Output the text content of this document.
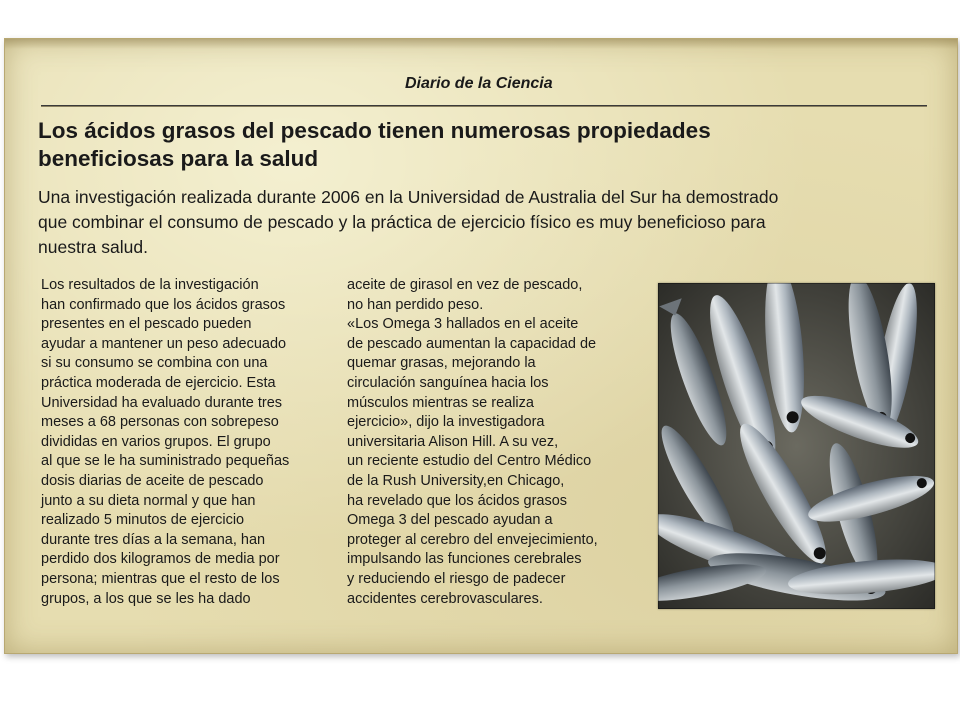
Diario de la Ciencia
Los ácidos grasos del pescado tienen numerosas propiedades
beneficiosas para la salud
Una investigación realizada durante 2006 en la Universidad de Australia del Sur ha demostrado
que combinar el consumo de pescado y la práctica de ejercicio físico es muy beneficioso para
nuestra salud.

Los resultados de la investigación
han confirmado que los ácidos grasos
presentes en el pescado pueden
ayudar a mantener un peso adecuado
si su consumo se combina con una
práctica moderada de ejercicio. Esta
Universidad ha evaluado durante tres
meses a 68 personas con sobrepeso
divididas en varios grupos. El grupo
al que se le ha suministrado pequeñas
dosis diarias de aceite de pescado
junto a su dieta normal y que han
realizado 5 minutos de ejercicio
durante tres días a la semana, han
perdido dos kilogramos de media por
persona; mientras que el resto de los
grupos, a los que se les ha dado

aceite de girasol en vez de pescado,
no han perdido peso.
«Los Omega 3 hallados en el aceite
de pescado aumentan la capacidad de
quemar grasas, mejorando la
circulación sanguínea hacia los
músculos mientras se realiza
ejercicio», dijo la investigadora
universitaria Alison Hill. A su vez,
un reciente estudio del Centro Médico
de la Rush University,en Chicago,
ha revelado que los ácidos grasos
Omega 3 del pescado ayudan a
proteger al cerebro del envejecimiento,
impulsando las funciones cerebrales
y reduciendo el riesgo de padecer
accidentes cerebrovasculares.
